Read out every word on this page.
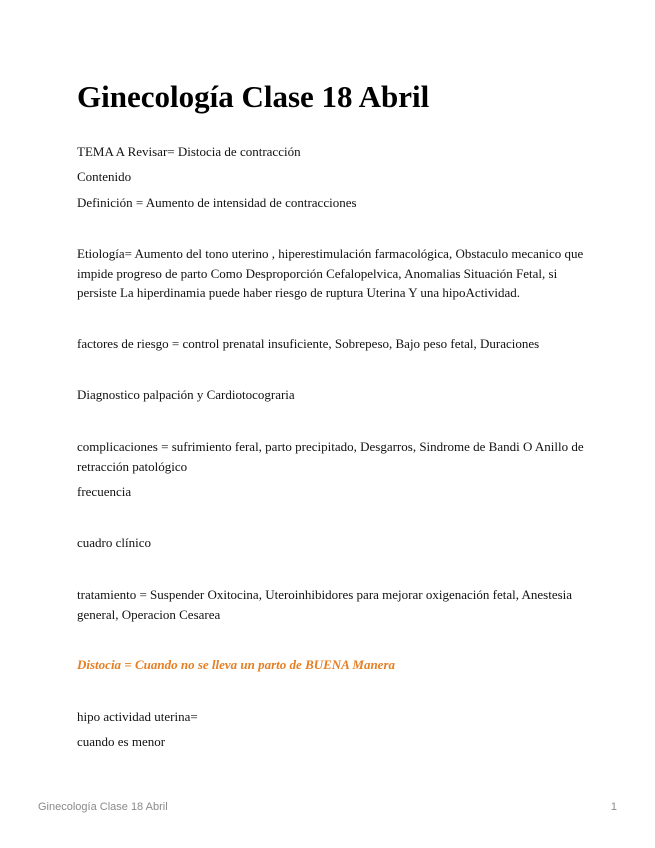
Ginecología Clase 18 Abril

TEMA A Revisar= Distocia de contracción

Contenido

Definición = Aumento de intensidad de contracciones

Etiología= Aumento del tono uterino , hiperestimulación farmacológica, Obstaculo mecanico que impide progreso de parto Como Desproporción Cefalopelvica, Anomalias Situación Fetal, si persiste La hiperdinamia puede haber riesgo de ruptura Uterina Y una hipoActividad.

factores de riesgo = control prenatal insuficiente, Sobrepeso, Bajo peso fetal, Duraciones

Diagnostico palpación y Cardiotocograria

complicaciones = sufrimiento feral, parto precipitado, Desgarros, Sindrome de Bandi O Anillo de retracción patológico

frecuencia

cuadro clínico

tratamiento = Suspender Oxitocina, Uteroinhibidores para mejorar oxigenación fetal, Anestesia general, Operacion Cesarea

Distocia = Cuando no se lleva un parto de BUENA Manera

hipo actividad uterina=

cuando es menor

Ginecología Clase 18 Abril	1
